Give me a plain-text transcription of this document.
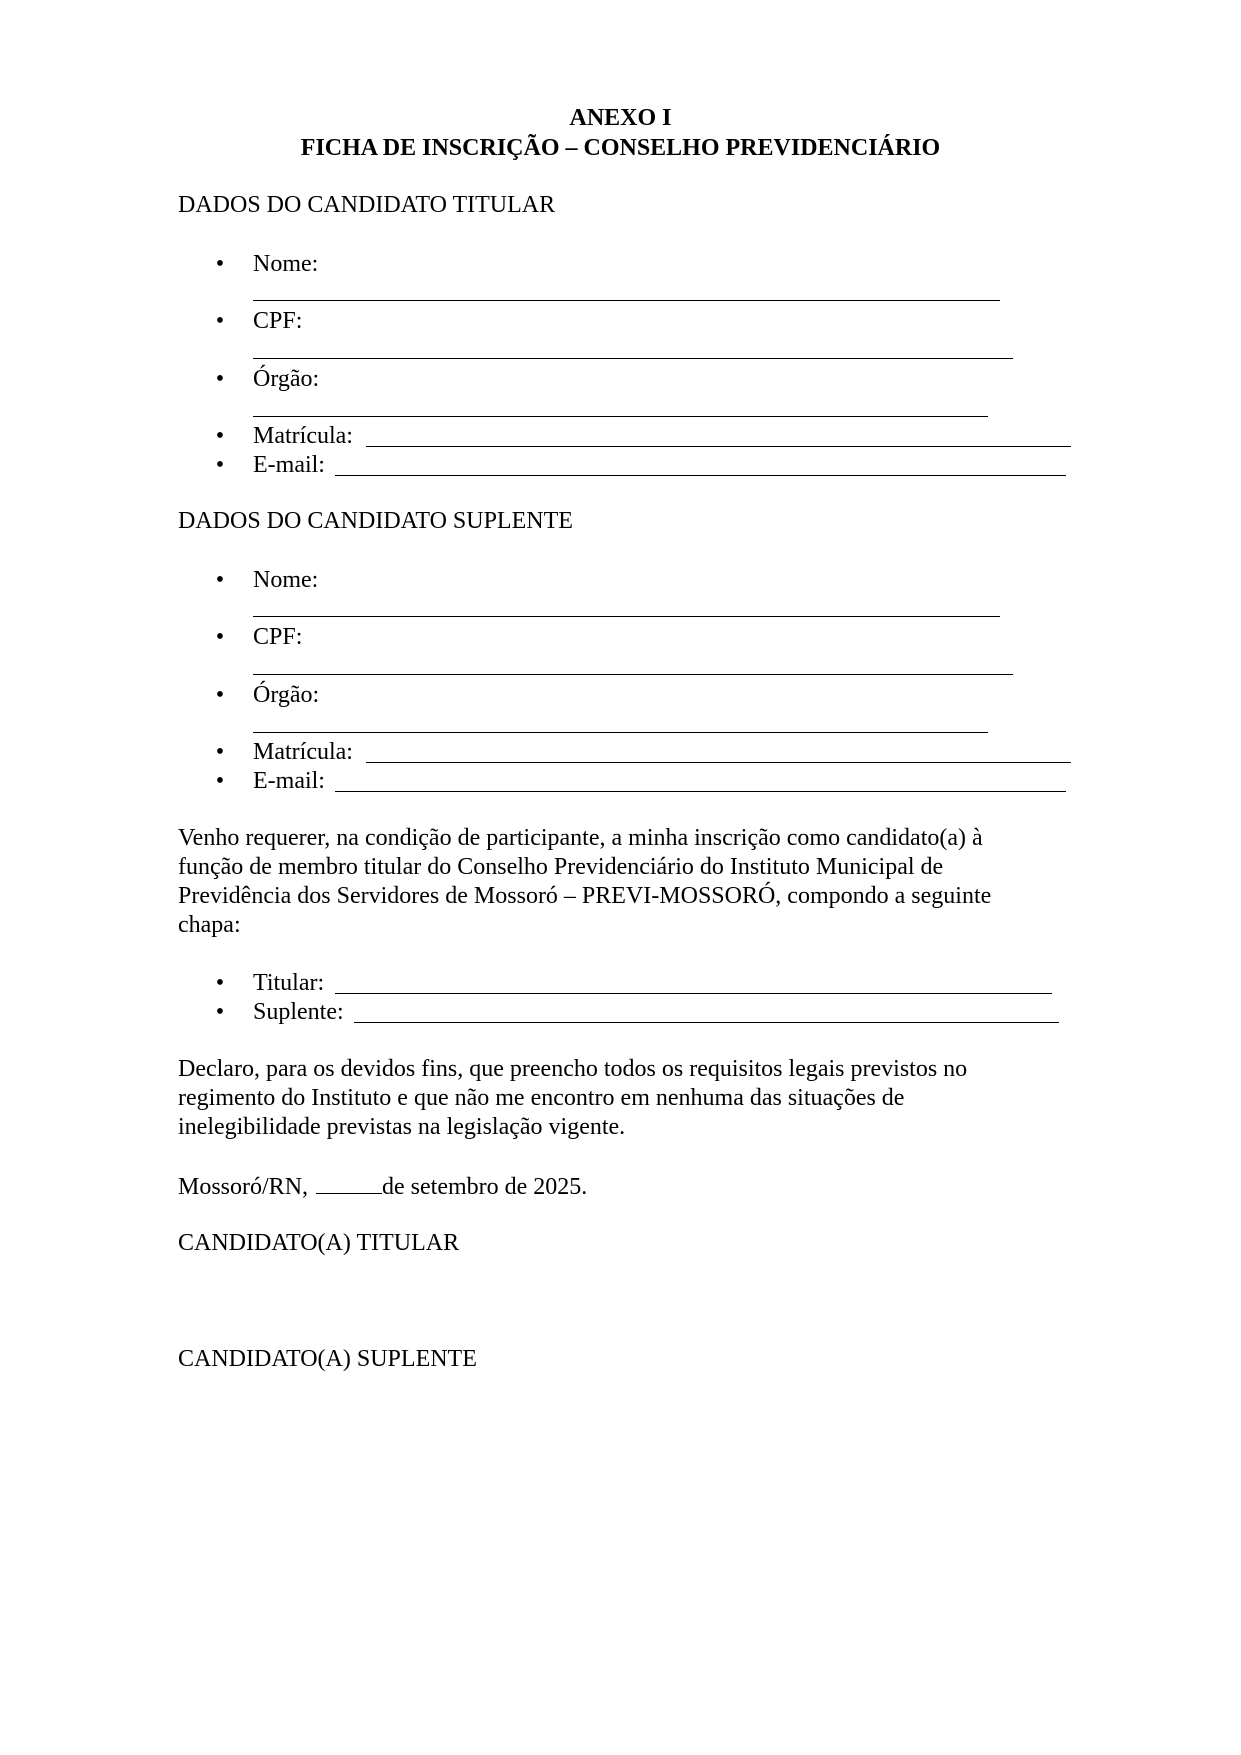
ANEXO I
FICHA DE INSCRIÇÃO – CONSELHO PREVIDENCIÁRIO
DADOS DO CANDIDATO TITULAR
• Nome:
• CPF:
• Órgão:
• Matrícula:
• E-mail:
DADOS DO CANDIDATO SUPLENTE
• Nome:
• CPF:
• Órgão:
• Matrícula:
• E-mail:
Venho requerer, na condição de participante, a minha inscrição como candidato(a) à
função de membro titular do Conselho Previdenciário do Instituto Municipal de
Previdência dos Servidores de Mossoró – PREVI-MOSSORÓ, compondo a seguinte
chapa:
• Titular:
• Suplente:
Declaro, para os devidos fins, que preencho todos os requisitos legais previstos no
regimento do Instituto e que não me encontro em nenhuma das situações de
inelegibilidade previstas na legislação vigente.
Mossoró/RN,	de setembro de 2025.
CANDIDATO(A) TITULAR
CANDIDATO(A) SUPLENTE
